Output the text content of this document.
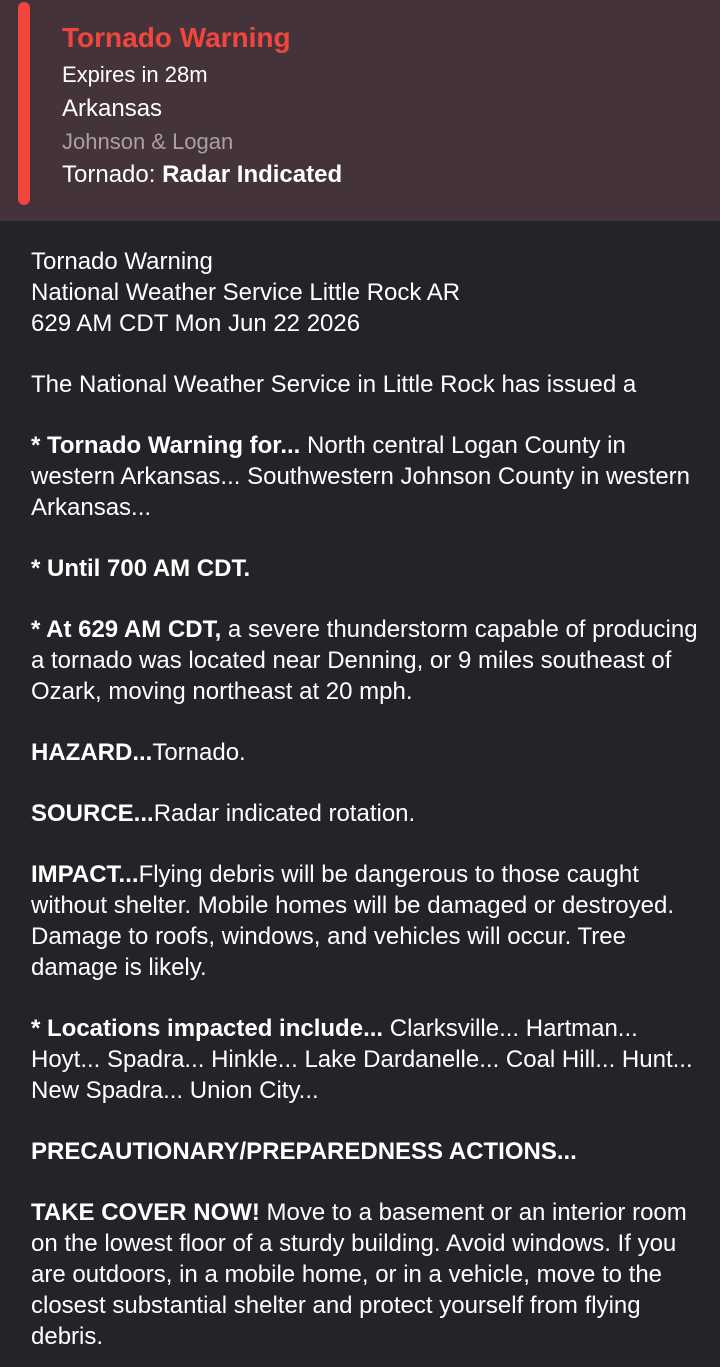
Tornado Warning
Expires in 28m
Arkansas
Johnson & Logan
Tornado: Radar Indicated

Tornado Warning
National Weather Service Little Rock AR
629 AM CDT Mon Jun 22 2026

The National Weather Service in Little Rock has issued a

* Tornado Warning for... North central Logan County in western Arkansas... Southwestern Johnson County in western Arkansas...

* Until 700 AM CDT.

* At 629 AM CDT, a severe thunderstorm capable of producing a tornado was located near Denning, or 9 miles southeast of Ozark, moving northeast at 20 mph.

HAZARD...Tornado.

SOURCE...Radar indicated rotation.

IMPACT...Flying debris will be dangerous to those caught without shelter. Mobile homes will be damaged or destroyed. Damage to roofs, windows, and vehicles will occur. Tree damage is likely.

* Locations impacted include... Clarksville... Hartman... Hoyt... Spadra... Hinkle... Lake Dardanelle... Coal Hill... Hunt... New Spadra... Union City...

PRECAUTIONARY/PREPAREDNESS ACTIONS...

TAKE COVER NOW! Move to a basement or an interior room on the lowest floor of a sturdy building. Avoid windows. If you are outdoors, in a mobile home, or in a vehicle, move to the closest substantial shelter and protect yourself from flying debris.
